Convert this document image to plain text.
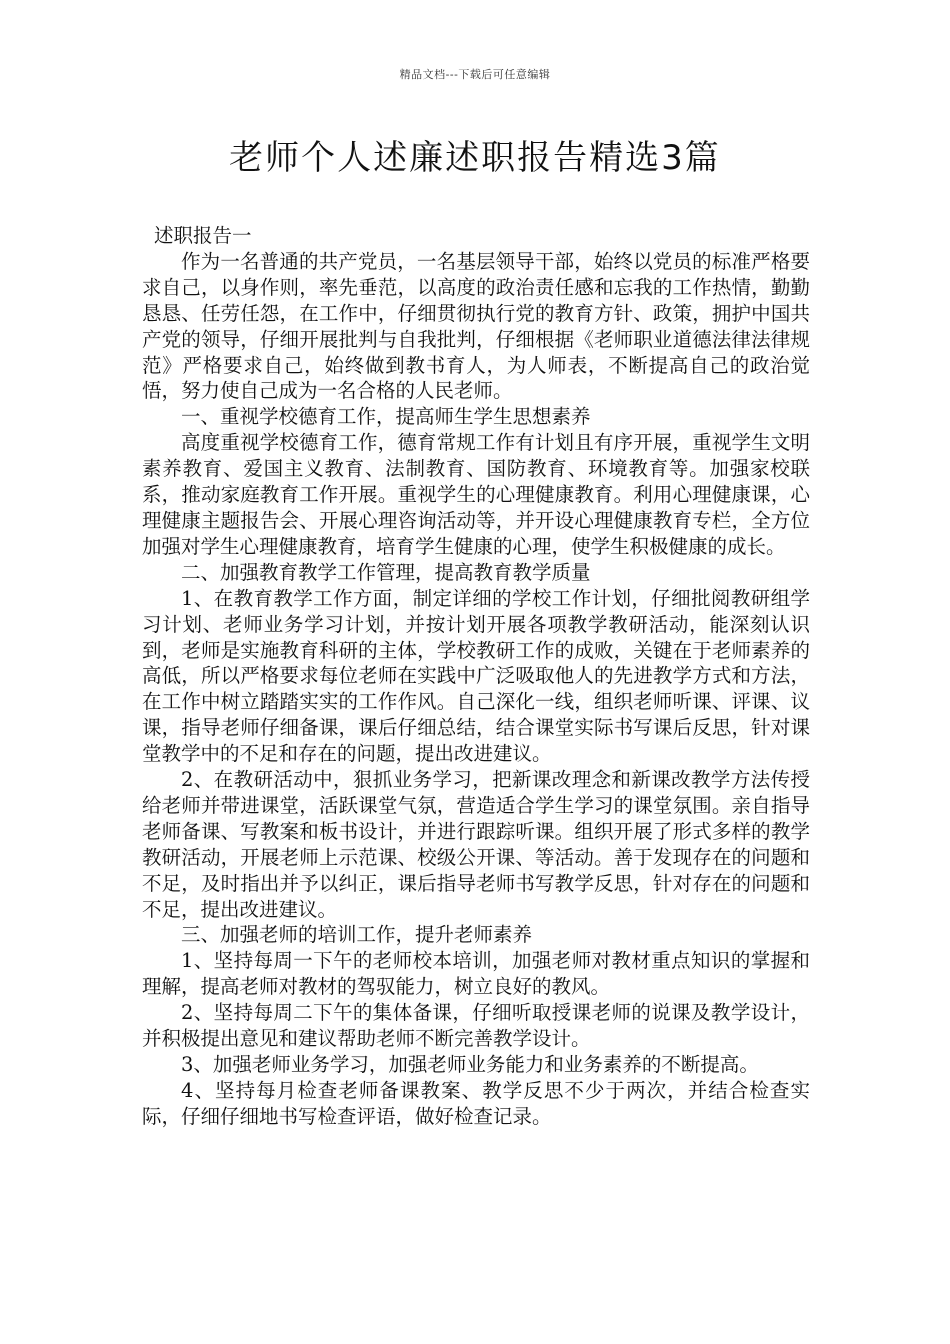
精品文档---下载后可任意编辑
老师个人述廉述职报告精选3篇

述职报告一

作为一名普通的共产党员，一名基层领导干部，始终以党员的标准严格要求自己，以身作则，率先垂范，以高度的政治责任感和忘我的工作热情，勤勤恳恳、任劳任怨，在工作中，仔细贯彻执行党的教育方针、政策，拥护中国共产党的领导，仔细开展批判与自我批判，仔细根据《老师职业道德法律法律规范》严格要求自己，始终做到教书育人，为人师表，不断提高自己的政治觉悟，努力使自己成为一名合格的人民老师。

一、重视学校德育工作，提高师生学生思想素养

高度重视学校德育工作，德育常规工作有计划且有序开展，重视学生文明素养教育、爱国主义教育、法制教育、国防教育、环境教育等。加强家校联系，推动家庭教育工作开展。重视学生的心理健康教育。利用心理健康课，心理健康主题报告会、开展心理咨询活动等，并开设心理健康教育专栏，全方位加强对学生心理健康教育，培育学生健康的心理，使学生积极健康的成长。

二、加强教育教学工作管理，提高教育教学质量

1、在教育教学工作方面，制定详细的学校工作计划，仔细批阅教研组学习计划、老师业务学习计划，并按计划开展各项教学教研活动，能深刻认识到，老师是实施教育科研的主体，学校教研工作的成败，关键在于老师素养的高低，所以严格要求每位老师在实践中广泛吸取他人的先进教学方式和方法，在工作中树立踏踏实实的工作作风。自己深化一线，组织老师听课、评课、议课，指导老师仔细备课，课后仔细总结，结合课堂实际书写课后反思，针对课堂教学中的不足和存在的问题，提出改进建议。

2、在教研活动中，狠抓业务学习，把新课改理念和新课改教学方法传授给老师并带进课堂，活跃课堂气氛，营造适合学生学习的课堂氛围。亲自指导老师备课、写教案和板书设计，并进行跟踪听课。组织开展了形式多样的教学教研活动，开展老师上示范课、校级公开课、等活动。善于发现存在的问题和不足，及时指出并予以纠正，课后指导老师书写教学反思，针对存在的问题和不足，提出改进建议。

三、加强老师的培训工作，提升老师素养

1、坚持每周一下午的老师校本培训，加强老师对教材重点知识的掌握和理解，提高老师对教材的驾驭能力，树立良好的教风。

2、坚持每周二下午的集体备课，仔细听取授课老师的说课及教学设计，并积极提出意见和建议帮助老师不断完善教学设计。

3、加强老师业务学习，加强老师业务能力和业务素养的不断提高。

4、坚持每月检查老师备课教案、教学反思不少于两次，并结合检查实际，仔细仔细地书写检查评语，做好检查记录。
